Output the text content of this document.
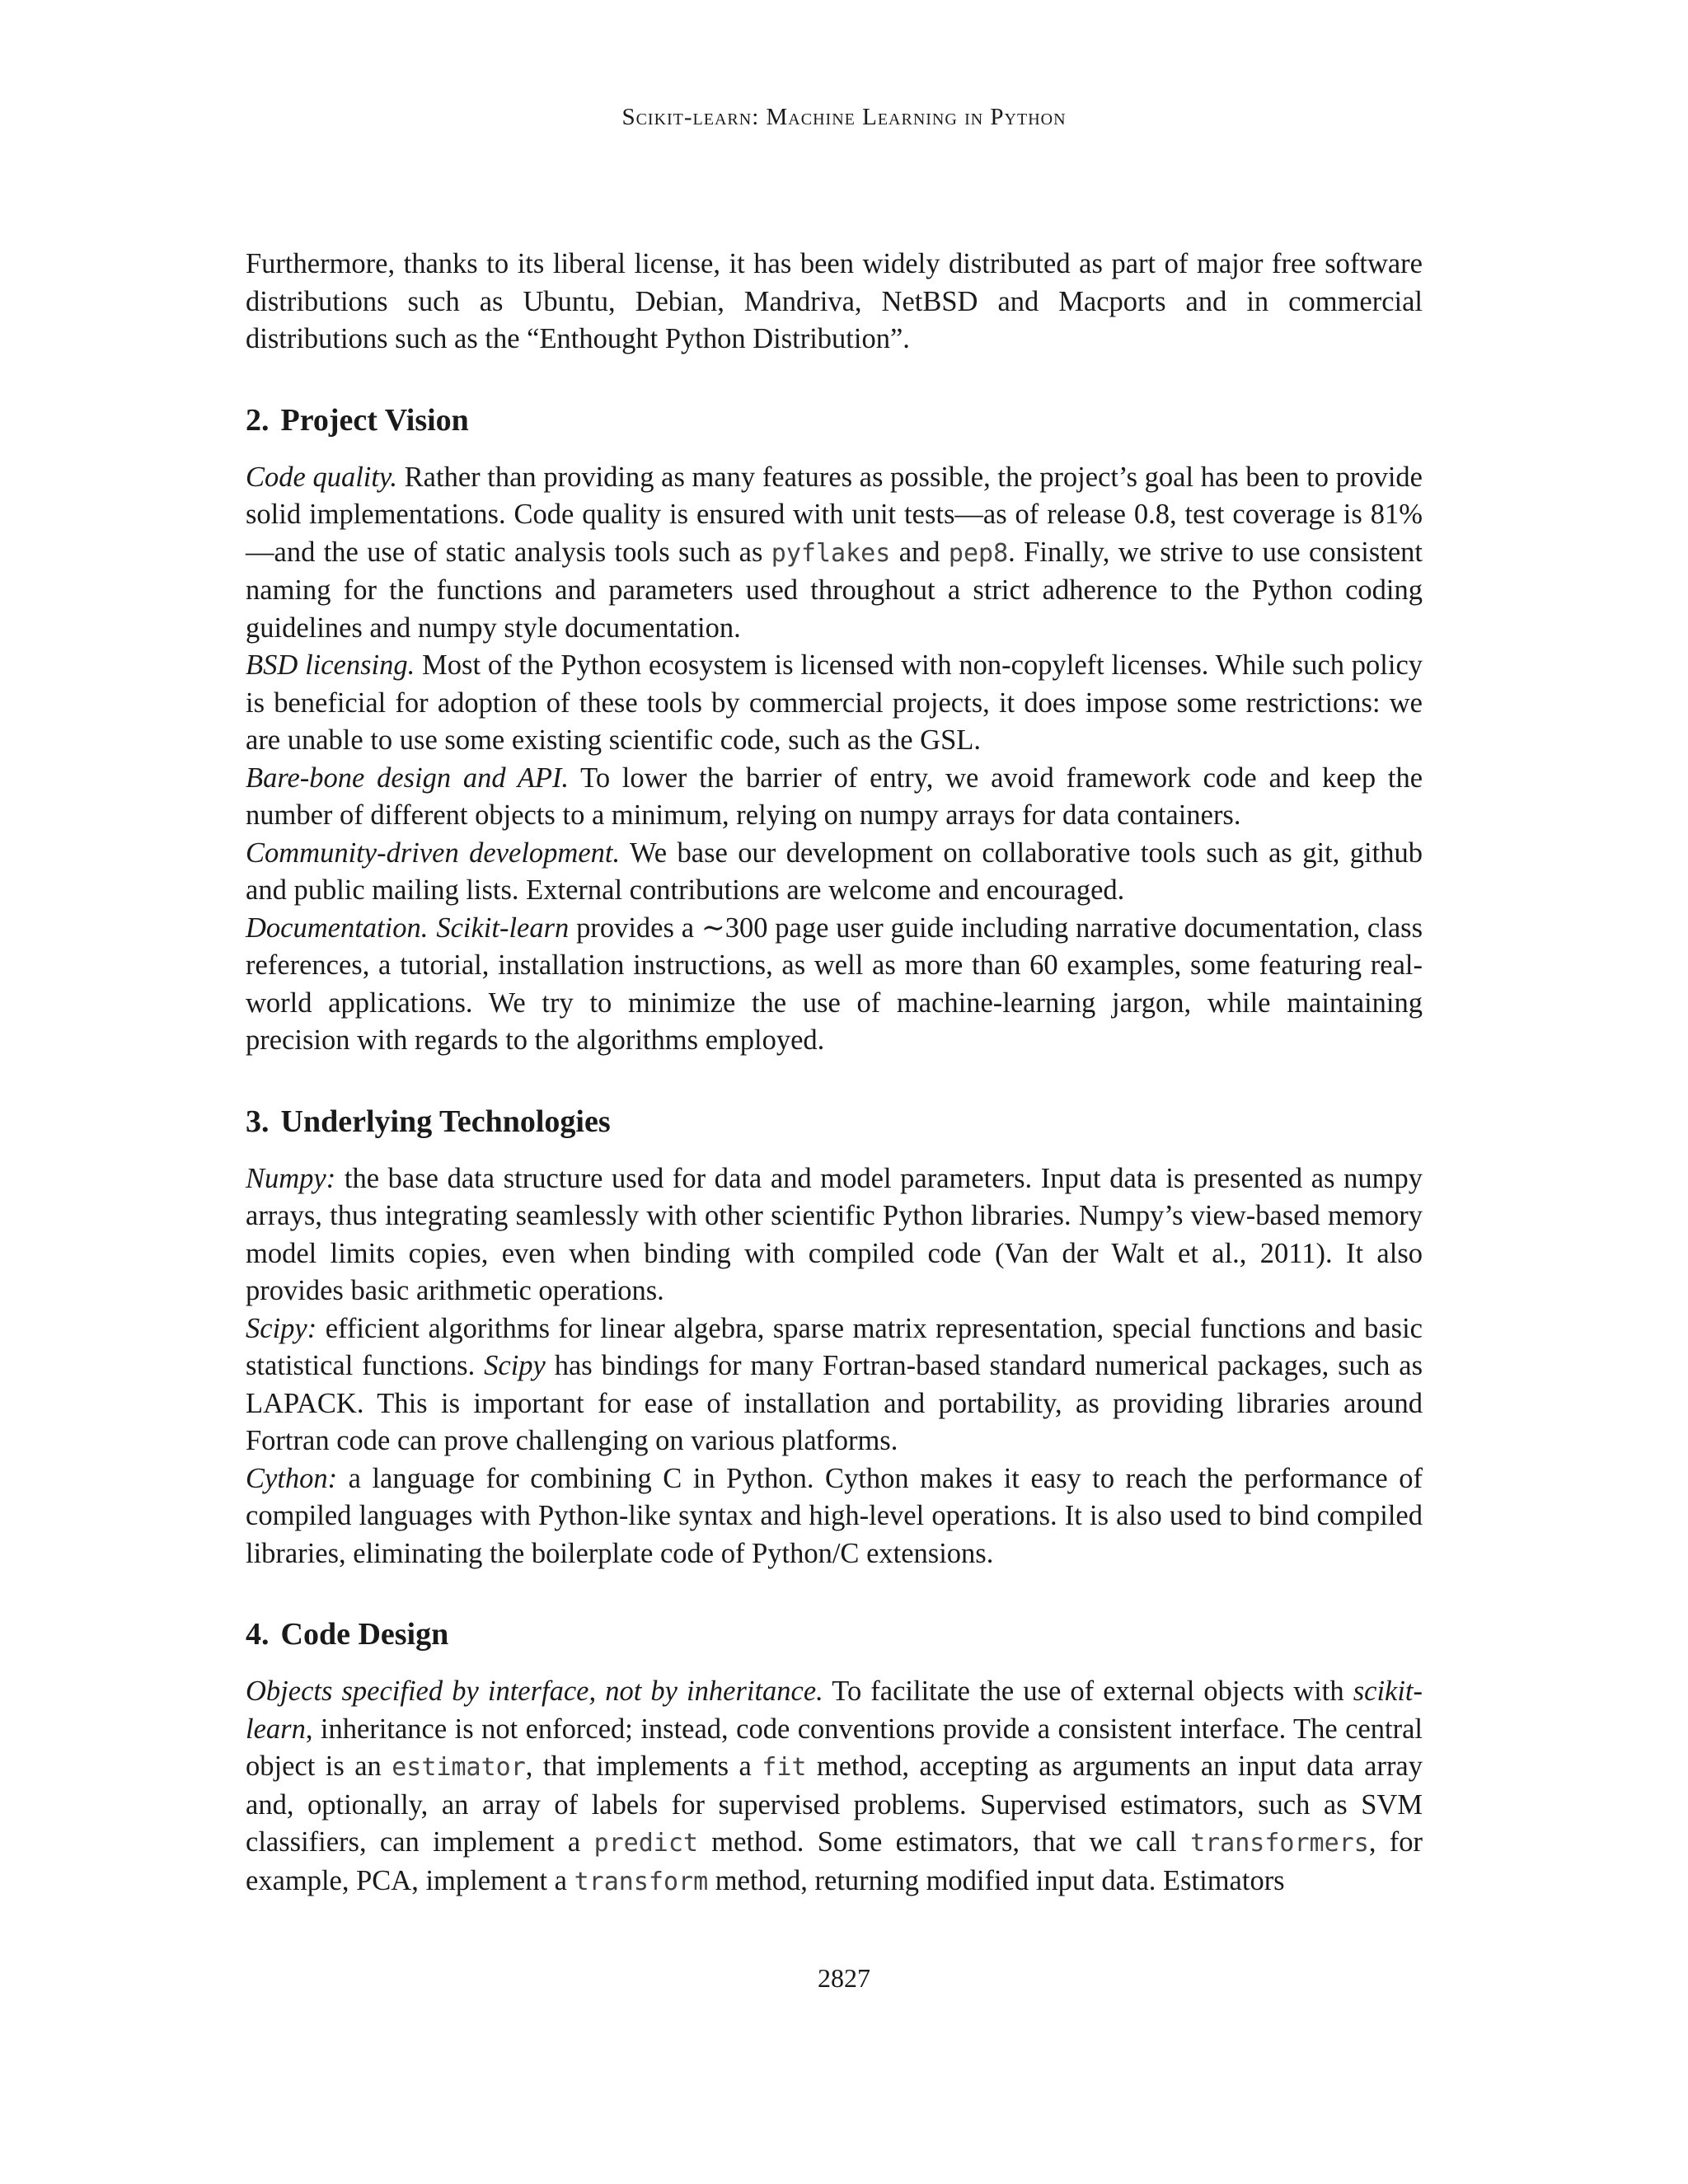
Scikit-learn: Machine Learning in Python

Furthermore, thanks to its liberal license, it has been widely distributed as part of major free software distributions such as Ubuntu, Debian, Mandriva, NetBSD and Macports and in commercial distributions such as the “Enthought Python Distribution”.

2. Project Vision

Code quality. Rather than providing as many features as possible, the project’s goal has been to provide solid implementations. Code quality is ensured with unit tests—as of release 0.8, test coverage is 81%—and the use of static analysis tools such as pyflakes and pep8. Finally, we strive to use consistent naming for the functions and parameters used throughout a strict adherence to the Python coding guidelines and numpy style documentation.

BSD licensing. Most of the Python ecosystem is licensed with non-copyleft licenses. While such policy is beneficial for adoption of these tools by commercial projects, it does impose some restrictions: we are unable to use some existing scientific code, such as the GSL.

Bare-bone design and API. To lower the barrier of entry, we avoid framework code and keep the number of different objects to a minimum, relying on numpy arrays for data containers.

Community-driven development. We base our development on collaborative tools such as git, github and public mailing lists. External contributions are welcome and encouraged.

Documentation. Scikit-learn provides a ∼300 page user guide including narrative documentation, class references, a tutorial, installation instructions, as well as more than 60 examples, some featuring real-world applications. We try to minimize the use of machine-learning jargon, while maintaining precision with regards to the algorithms employed.

3. Underlying Technologies

Numpy: the base data structure used for data and model parameters. Input data is presented as numpy arrays, thus integrating seamlessly with other scientific Python libraries. Numpy’s view-based memory model limits copies, even when binding with compiled code (Van der Walt et al., 2011). It also provides basic arithmetic operations.

Scipy: efficient algorithms for linear algebra, sparse matrix representation, special functions and basic statistical functions. Scipy has bindings for many Fortran-based standard numerical packages, such as LAPACK. This is important for ease of installation and portability, as providing libraries around Fortran code can prove challenging on various platforms.

Cython: a language for combining C in Python. Cython makes it easy to reach the performance of compiled languages with Python-like syntax and high-level operations. It is also used to bind compiled libraries, eliminating the boilerplate code of Python/C extensions.

4. Code Design

Objects specified by interface, not by inheritance. To facilitate the use of external objects with scikit-learn, inheritance is not enforced; instead, code conventions provide a consistent interface. The central object is an estimator, that implements a fit method, accepting as arguments an input data array and, optionally, an array of labels for supervised problems. Supervised estimators, such as SVM classifiers, can implement a predict method. Some estimators, that we call transformers, for example, PCA, implement a transform method, returning modified input data. Estimators

2827
